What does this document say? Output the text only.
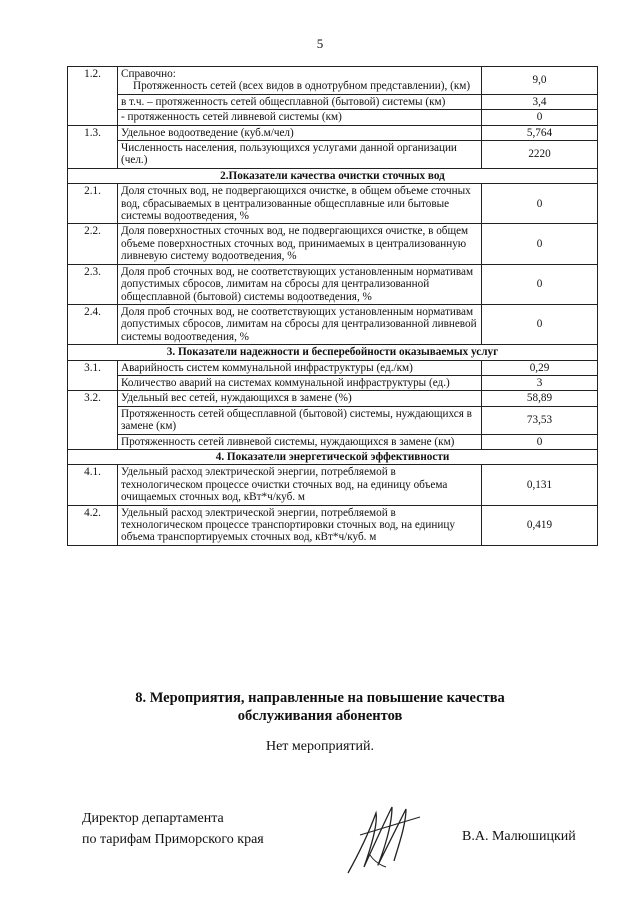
5
1.2.	Справочно:
Протяженность сетей (всех видов в однотрубном представлении), (км)	9,0
	в т.ч. – протяженность сетей общесплавной (бытовой) системы (км)	3,4
	- протяженность сетей ливневой системы (км)	0
1.3.	Удельное водоотведение (куб.м/чел)	5,764
	Численность населения, пользующихся услугами данной организации (чел.)	2220
2.Показатели качества очистки сточных вод		
2.1.	Доля сточных вод, не подвергающихся очистке, в общем объеме сточных вод, сбрасываемых в централизованные общесплавные или бытовые системы водоотведения, %	0
2.2.	Доля поверхностных сточных вод, не подвергающихся очистке, в общем объеме поверхностных сточных вод, принимаемых в централизованную ливневую систему водоотведения, %	0
2.3.	Доля проб сточных вод, не соответствующих установленным нормативам допустимых сбросов, лимитам на сбросы для централизованной общесплавной (бытовой) системы водоотведения, %	0
2.4.	Доля проб сточных вод, не соответствующих установленным нормативам допустимых сбросов, лимитам на сбросы для централизованной ливневой системы водоотведения, %	0
3. Показатели надежности и бесперебойности оказываемых услуг		
3.1.	Аварийность систем коммунальной инфраструктуры (ед./км)	0,29
	Количество аварий на системах коммунальной инфраструктуры (ед.)	3
3.2.	Удельный вес сетей, нуждающихся в замене (%)	58,89
	Протяженность сетей общесплавной (бытовой) системы, нуждающихся в замене (км)	73,53
	Протяженность сетей ливневой системы, нуждающихся в замене (км)	0
4. Показатели энергетической эффективности		
4.1.	Удельный расход электрической энергии, потребляемой в технологическом процессе очистки сточных вод, на единицу объема очищаемых сточных вод, кВт*ч/куб. м	0,131
4.2.	Удельный расход электрической энергии, потребляемой в технологическом процессе транспортировки сточных вод, на единицу объема транспортируемых сточных вод, кВт*ч/куб. м	0,419
8. Мероприятия, направленные на повышение качества
обслуживания абонентов
Нет мероприятий.
Директор департамента
по тарифам Приморского края	В.А. Малюшицкий
